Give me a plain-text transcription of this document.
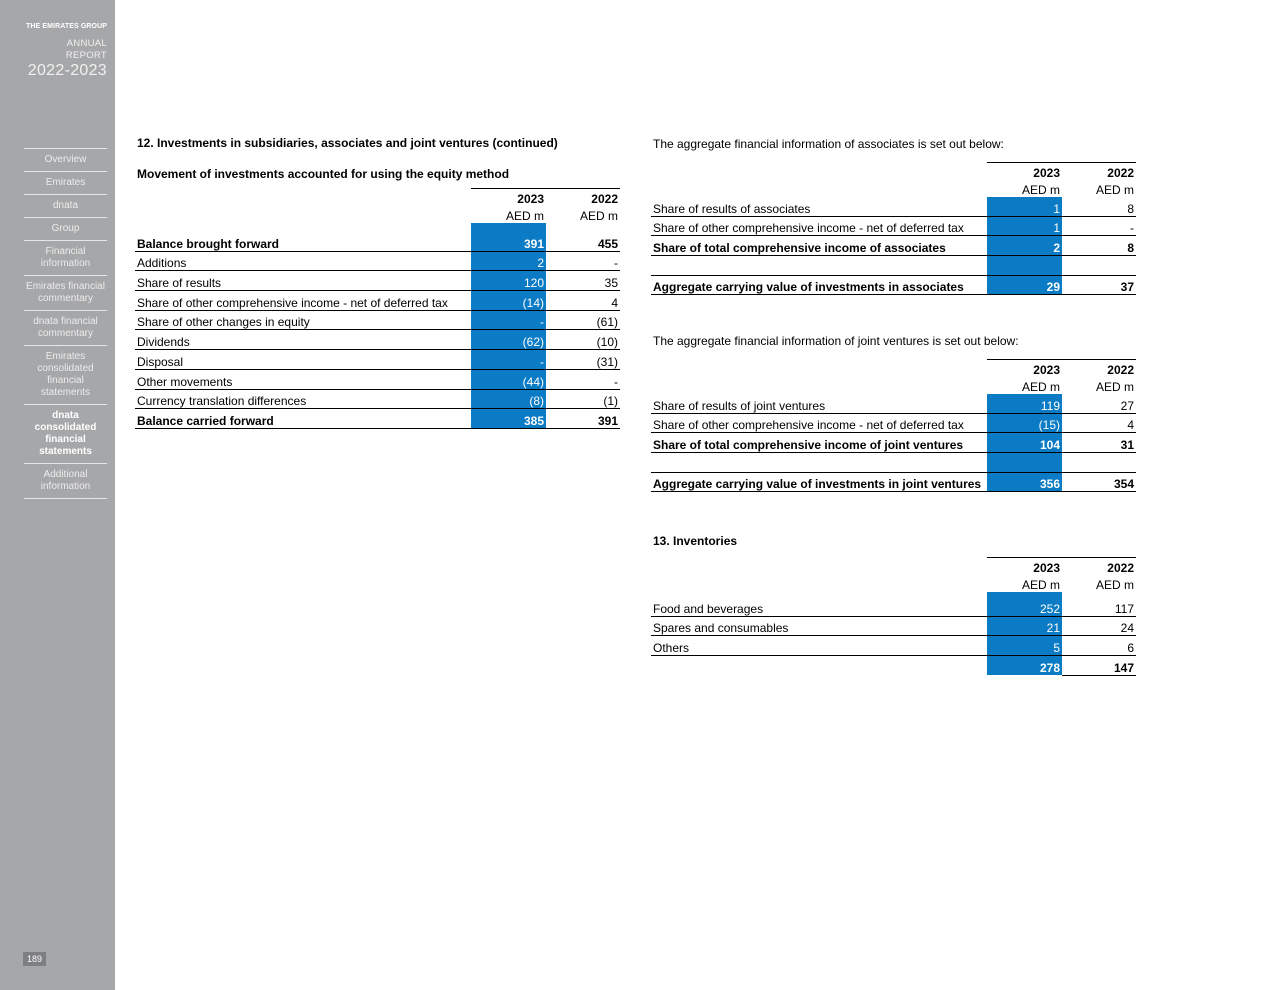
THE EMIRATES GROUP
ANNUAL REPORT
2022-2023
Overview
Emirates
dnata
Group
Financial information
Emirates financial commentary
dnata financial commentary
Emirates consolidated financial statements
dnata consolidated financial statements
Additional information
189
12. Investments in subsidiaries, associates and joint ventures (continued)
Movement of investments accounted for using the equity method
	2023	2022
	AED m	AED m

Balance brought forward	391	455
Additions	2	-
Share of results	120	35
Share of other comprehensive income - net of deferred tax	(14)	4
Share of other changes in equity	-	(61)
Dividends	(62)	(10)
Disposal	-	(31)
Other movements	(44)	-
Currency translation differences	(8)	(1)
Balance carried forward	385	391
The aggregate financial information of associates is set out below:
	2023	2022
	AED m	AED m
Share of results of associates	1	8
Share of other comprehensive income - net of deferred tax	1	-
Share of total comprehensive income of associates	2	8

Aggregate carrying value of investments in associates	29	37
The aggregate financial information of joint ventures is set out below:
	2023	2022
	AED m	AED m
Share of results of joint ventures	119	27
Share of other comprehensive income - net of deferred tax	(15)	4
Share of total comprehensive income of joint ventures	104	31

Aggregate carrying value of investments in joint ventures	356	354
13. Inventories
	2023	2022
	AED m	AED m

Food and beverages	252	117
Spares and consumables	21	24
Others	5	6
	278	147
